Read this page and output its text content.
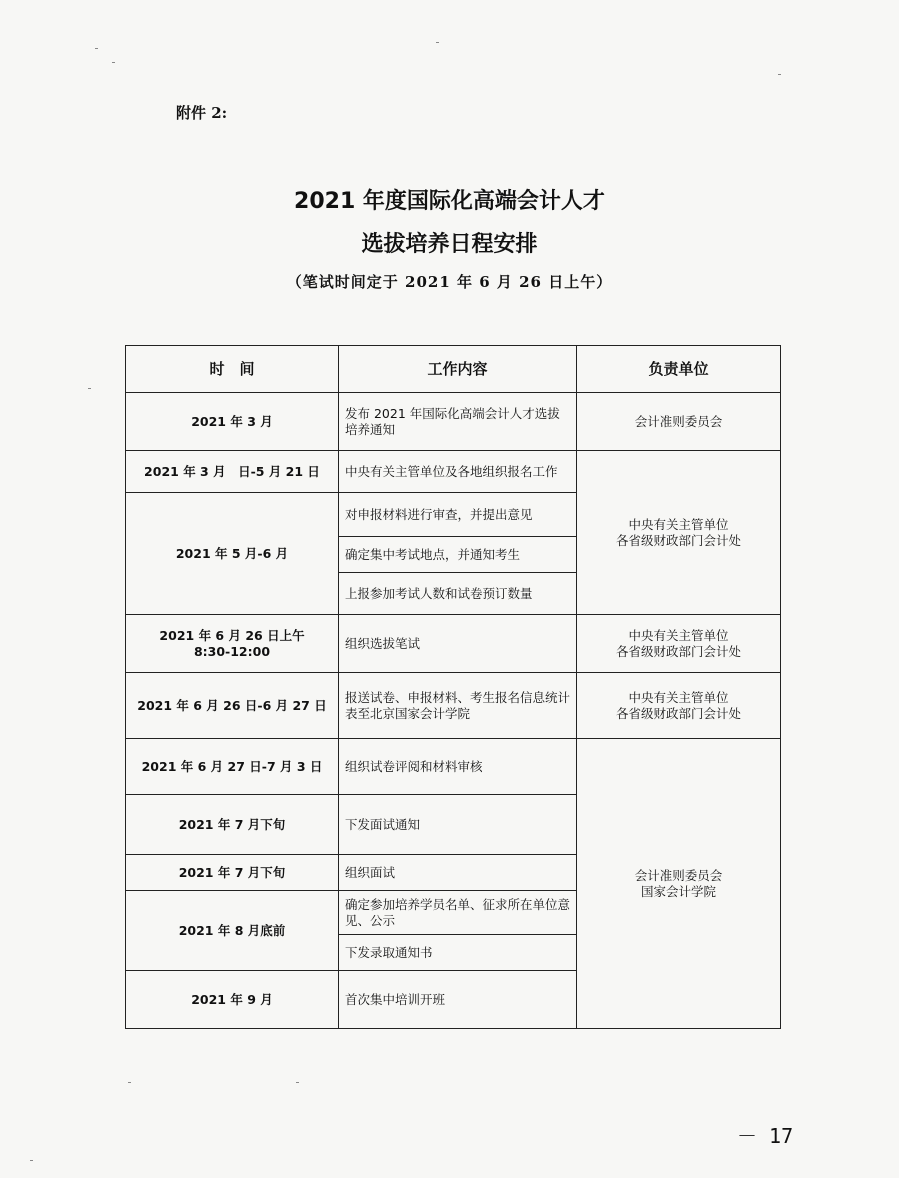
附件 2:
2021 年度国际化高端会计人才
选拔培养日程安排
（笔试时间定于 2021 年 6 月 26 日上午）
时　间	工作内容	负责单位
2021 年 3 月	发布 2021 年国际化高端会计人才选拔培养通知	会计准则委员会
2021 年 3 月　日-5 月 21 日	中央有关主管单位及各地组织报名工作	中央有关主管单位
各省级财政部门会计处
2021 年 5 月-6 月	对申报材料进行审查，并提出意见	
	确定集中考试地点，并通知考生	
	上报参加考试人数和试卷预订数量	
2021 年 6 月 26 日上午
8:30-12:00	组织选拔笔试	中央有关主管单位
各省级财政部门会计处
2021 年 6 月 26 日-6 月 27 日	报送试卷、申报材料、考生报名信息统计表至北京国家会计学院	中央有关主管单位
各省级财政部门会计处
2021 年 6 月 27 日-7 月 3 日	组织试卷评阅和材料审核	会计准则委员会
国家会计学院
2021 年 7 月下旬	下发面试通知	
2021 年 7 月下旬	组织面试	
2021 年 8 月底前	确定参加培养学员名单、征求所在单位意见、公示	
	下发录取通知书	
2021 年 9 月	首次集中培训开班	
－ 17
